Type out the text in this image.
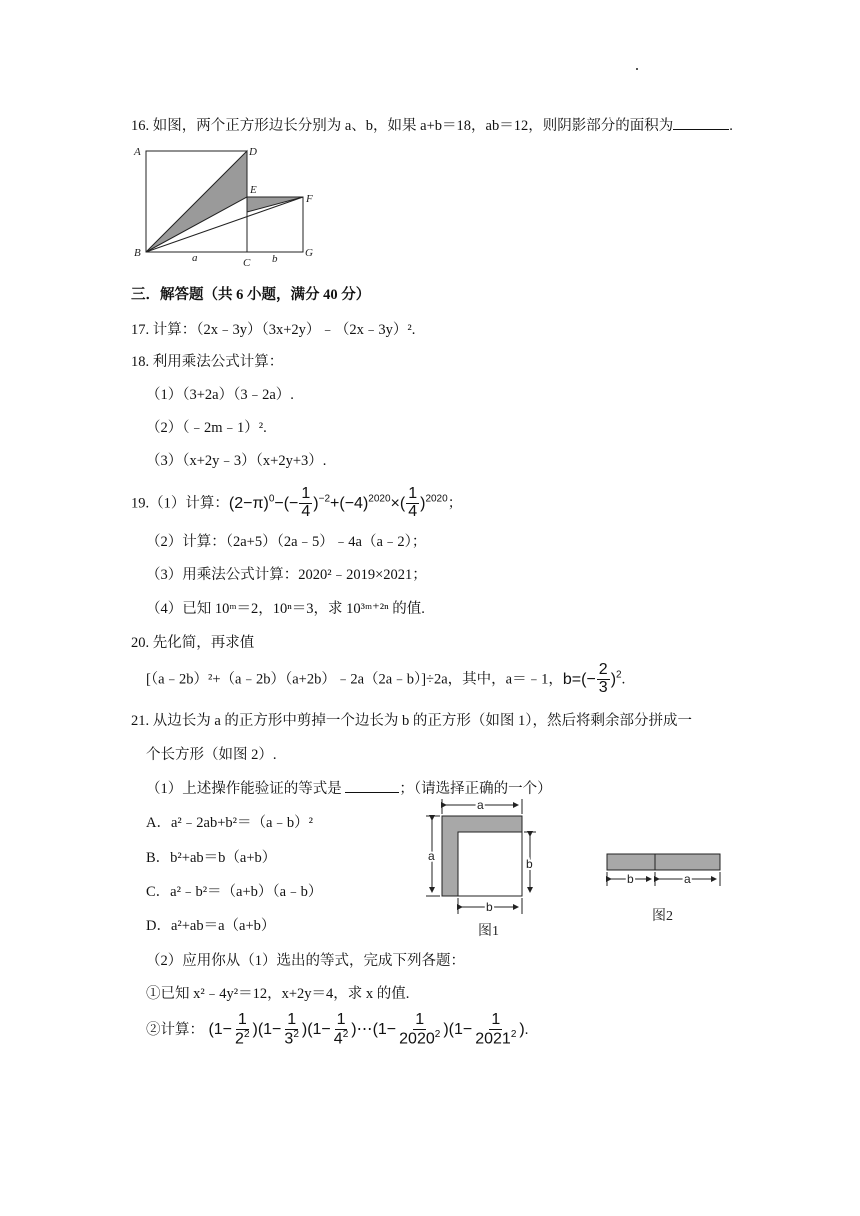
16. 如图，两个正方形边长分别为 a、b，如果 a+b＝18，ab＝12，则阴影部分的面积为	.
A	D
E
F
B
C
G
a	b
三．解答题（共 6 小题，满分 40 分）
17. 计算：（2x﹣3y）（3x+2y）﹣（2x﹣3y）².
18. 利用乘法公式计算：
（1）（3+2a）（3﹣2a）.
（2）（﹣2m﹣1）².
（3）（x+2y﹣3）（x+2y+3）.
19.（1）计算：$(2-\pi)^0-(- \frac{1}{4} )^{-2}+(-4)^{2020}\times( \frac{1}{4} )^{2020}$；
（2）计算：（2a+5）（2a﹣5）﹣4a（a﹣2）；
（3）用乘法公式计算：2020²﹣2019×2021；
（4）已知 10ᵐ＝2，10ⁿ＝3，求 10³ᵐ⁺²ⁿ 的值.
20. 先化简，再求值
[（a﹣2b）²+（a﹣2b）（a+2b）﹣2a（2a﹣b）]÷2a，其中，a＝﹣1，$b=(- \frac{2}{3} )^2$.
21. 从边长为 a 的正方形中剪掉一个边长为 b 的正方形（如图 1），然后将剩余部分拼成一
个长方形（如图 2）.
（1）上述操作能验证的等式是	；（请选择正确的一个）
A．a²﹣2ab+b²＝（a﹣b）²
B．b²+ab＝b（a+b）
C．a²﹣b²＝（a+b）（a﹣b）
D．a²+ab＝a（a+b）
a
a
b
b
图1
b	a
图2
（2）应用你从（1）选出的等式，完成下列各题：
①已知 x²﹣4y²＝12，x+2y＝4，求 x 的值.
②计算： $(1- \frac{1}{2^2} )(1- \frac{1}{3^2} )(1- \frac{1}{4^2}$ )⋯(1− $\frac{1}{2020^2} )(1- \frac{1}{2021^2}$ ).
